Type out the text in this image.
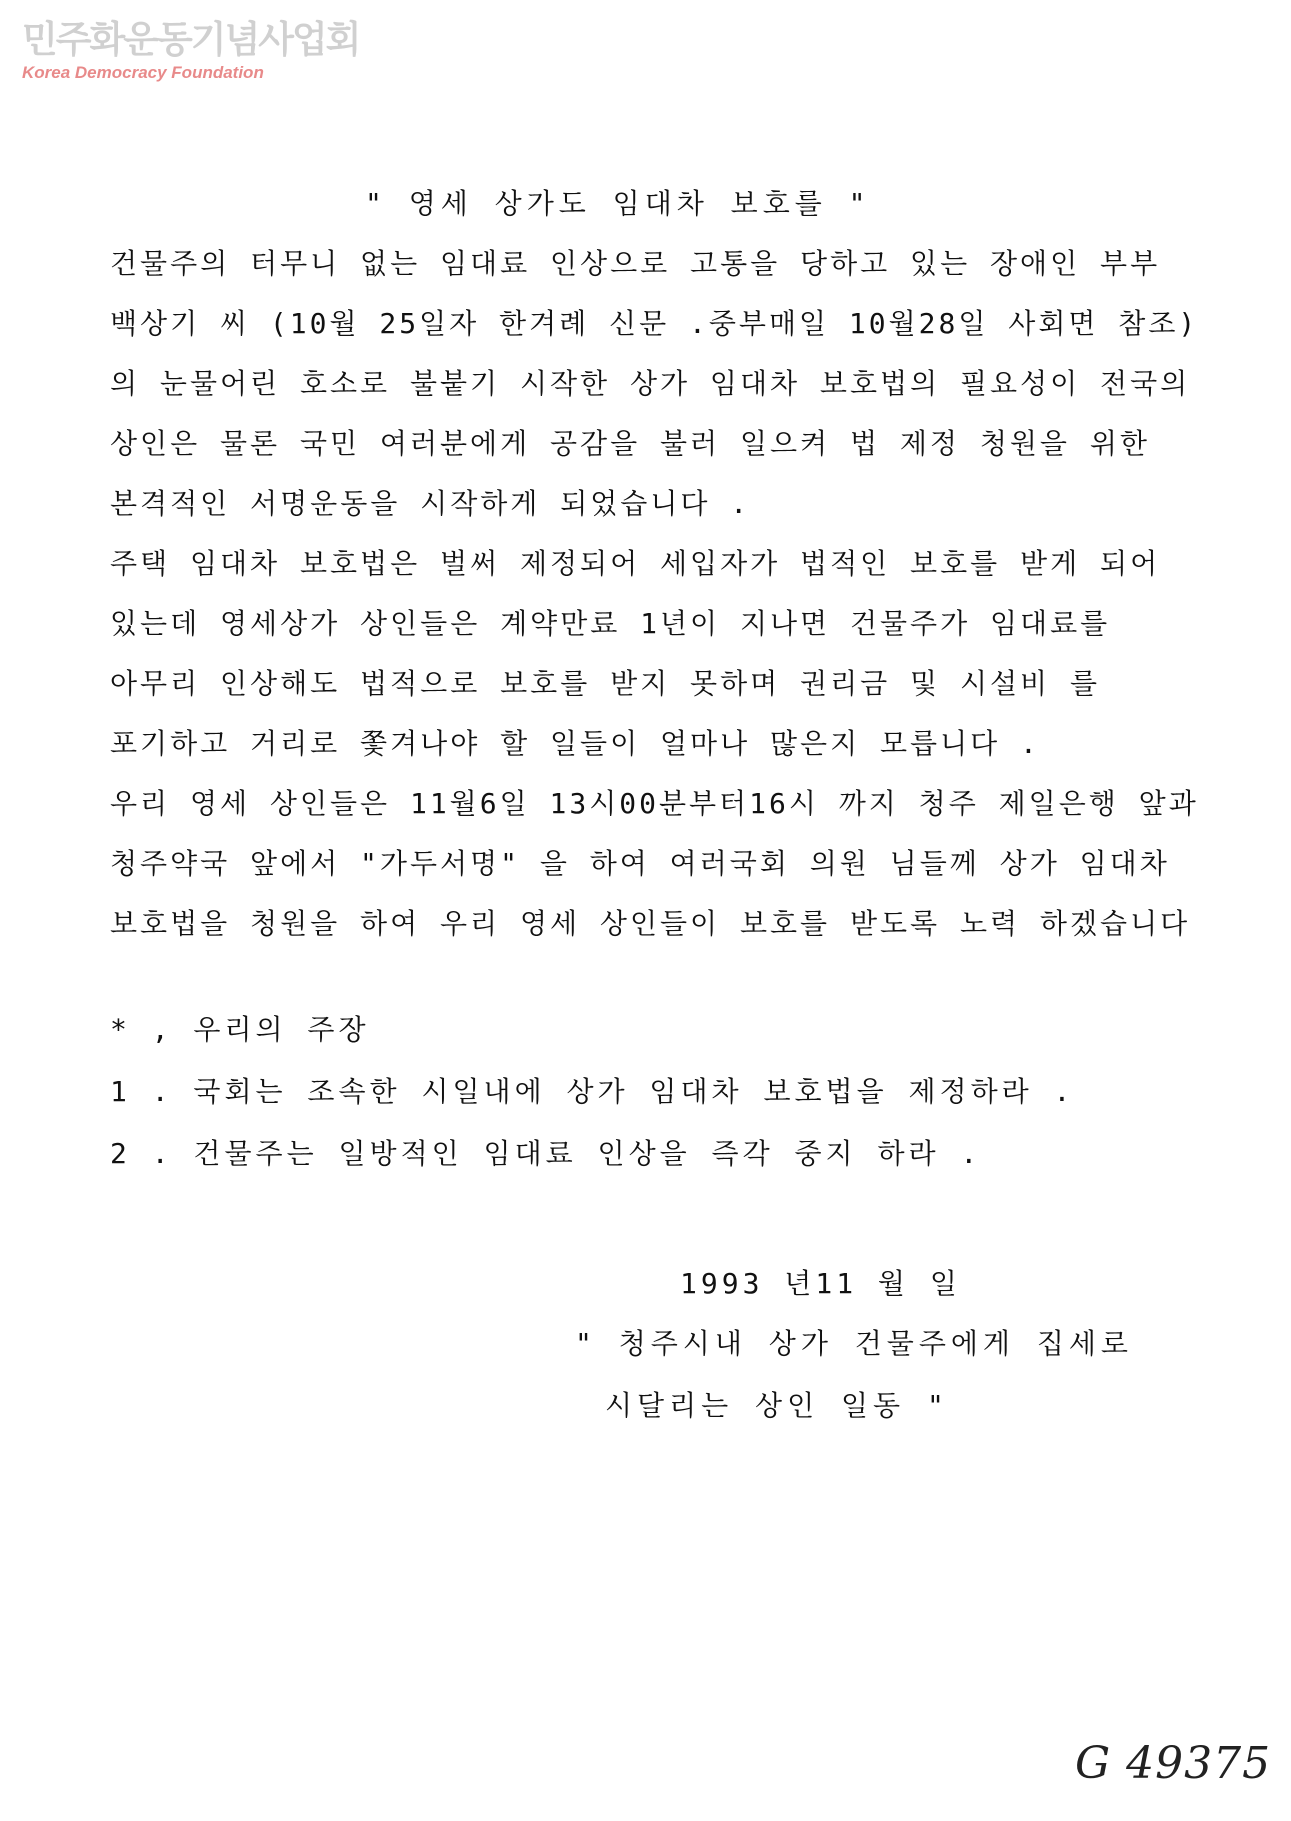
민주화운동기념사업회
Korea Democracy Foundation
" 영세 상가도 임대차 보호를 "
건물주의 터무니 없는 임대료 인상으로 고통을 당하고 있는 장애인 부부
백상기 씨 (10월 25일자 한겨례 신문 .중부매일 10월28일 사회면 참조)
의 눈물어린 호소로 불붙기 시작한 상가 임대차 보호법의 필요성이 전국의
상인은 물론 국민 여러분에게 공감을 불러 일으켜 법 제정 청원을 위한
본격적인 서명운동을 시작하게 되었습니다 .
주택 임대차 보호법은 벌써 제정되어 세입자가 법적인 보호를 받게 되어
있는데 영세상가 상인들은 계약만료 1년이 지나면 건물주가 임대료를
아무리 인상해도 법적으로 보호를 받지 못하며 권리금 및 시설비 를
포기하고 거리로 쫓겨나야 할 일들이 얼마나 많은지 모릅니다 .
우리 영세 상인들은 11월6일 13시00분부터16시 까지 청주 제일은행 앞과
청주약국 앞에서 "가두서명" 을 하여 여러국회 의원 님들께 상가 임대차
보호법을 청원을 하여 우리 영세 상인들이 보호를 받도록 노력 하겠습니다
* , 우리의 주장
1 . 국회는 조속한 시일내에 상가 임대차 보호법을 제정하라 .
2 . 건물주는 일방적인 임대료 인상을 즉각 중지 하라 .
1993 년11 월 일
" 청주시내 상가 건물주에게 집세로
시달리는 상인 일동 "
G 49375
